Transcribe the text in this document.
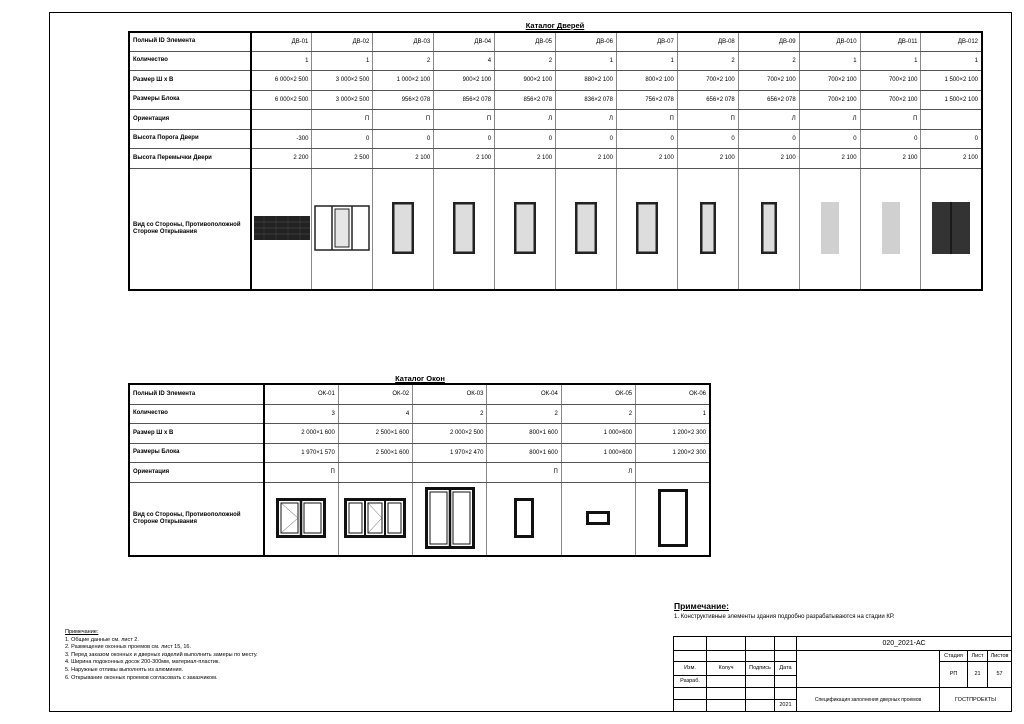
Каталог Дверей
Полный ID Элемента	ДВ-01	ДВ-02	ДВ-03	ДВ-04	ДВ-05	ДВ-06	ДВ-07	ДВ-08	ДВ-09	ДВ-010	ДВ-011	ДВ-012
Количество	1	1	2	4	2	1	1	2	2	1	1	1
Размер Ш х В	6 000×2 500	3 000×2 500	1 000×2 100	900×2 100	900×2 100	880×2 100	800×2 100	700×2 100	700×2 100	700×2 100	700×2 100	1 500×2 100
Размеры Блока	6 000×2 500	3 000×2 500	956×2 078	856×2 078	856×2 078	836×2 078	756×2 078	656×2 078	656×2 078	700×2 100	700×2 100	1 500×2 100
Ориентация		П	П	П	Л	Л	П	П	Л	Л	П	
Высота Порога Двери	-300	0	0	0	0	0	0	0	0	0	0	0
Высота Перемычки Двери	2 200	2 500	2 100	2 100	2 100	2 100	2 100	2 100	2 100	2 100	2 100	2 100
Вид со Стороны, Противоположной Стороне Открывания												
Каталог Окон
Полный ID Элемента	ОК-01	ОК-02	ОК-03	ОК-04	ОК-05	ОК-06
Количество	3	4	2	2	2	1
Размер Ш х В	2 000×1 600	2 500×1 600	2 000×2 500	800×1 600	1 000×600	1 200×2 300
Размеры Блока	1 970×1 570	2 500×1 600	1 970×2 470	800×1 600	1 000×600	1 200×2 300
Ориентация	П			П	Л	
Вид со Стороны, Противоположной Стороне Открывания						
Примечание:
1. Общие данные см. лист 2.
2. Размещение оконных проемов см. лист 15, 16.
3. Перед заказом оконных и дверных изделий выполнить замеры по месту.
4. Ширина подоконных досок 200-300мм, материал-пластик.
5. Наружные отливы выполнять из алюминия.
6. Открывание оконных проемов согласовать с заказчиком.
Примечание:
1. Конструктивные элементы здания подробно разрабатываются на стадии КР.
020_2021-АС
Изм.	Колуч	Подпись	Дата
Разраб.
2021
Стадия	Лист	Листов
РП	21	57
Спецификация заполнения дверных проемов	ГОСТПРОЕКТЫ
